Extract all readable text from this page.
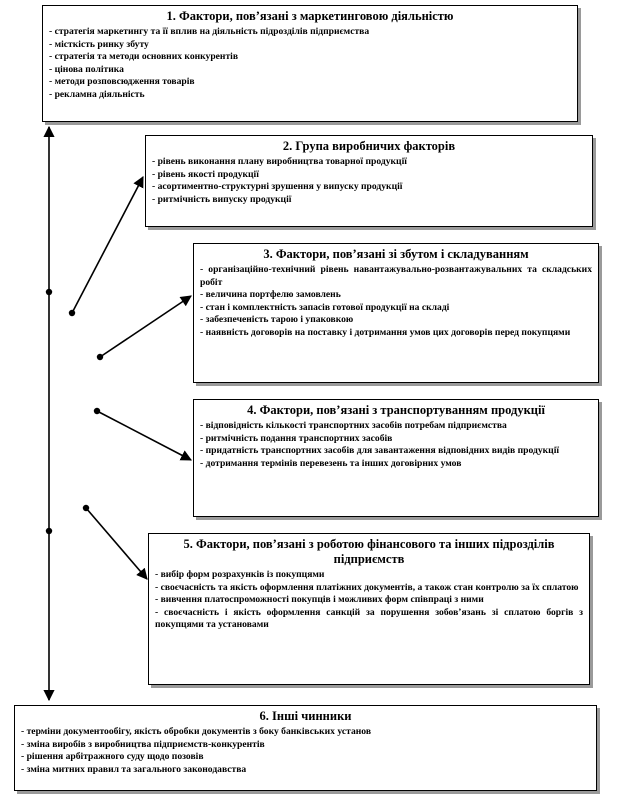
1. Фактори, пов’язані з маркетинговою діяльністю
- стратегія маркетингу та її вплив на діяльність підрозділів підприємства
- місткість ринку збуту
- стратегія та методи основних конкурентів
- цінова політика
- методи розповсюдження товарів
- рекламна діяльність
2. Група виробничих факторів
- рівень виконання плану виробництва товарної продукції
- рівень якості продукції
- асортиментно-структурні зрушення у випуску продукції
- ритмічність випуску продукції
3. Фактори, пов’язані зі збутом і складуванням
- організаційно-технічний рівень навантажувально-розвантажувальних та складських робіт
- величина портфелю замовлень
- стан і комплектність запасів готової продукції на складі
- забезпеченість тарою і упаковкою
- наявність договорів на поставку і дотримання умов цих договорів перед покупцями
4. Фактори, пов’язані з транспортуванням продукції
- відповідність кількості транспортних засобів потребам підприємства
- ритмічність подання транспортних засобів
- придатність транспортних засобів для завантаження відповідних видів продукції
- дотримання термінів перевезень та інших договірних умов
5. Фактори, пов’язані з роботою фінансового та інших підрозділів підприємств
- вибір форм розрахунків із покупцями
- своєчасність та якість оформлення платіжних документів, а також стан контролю за їх сплатою
- вивчення платоспроможності покупців і можливих форм співпраці з ними
- своєчасність і якість оформлення санкцій за порушення зобов’язань зі сплатою боргів з покупцями та установами
6. Інші чинники
- терміни документообігу, якість обробки документів з боку банківських установ
- зміна виробів з виробництва підприємств-конкурентів
- рішення арбітражного суду щодо позовів
- зміна митних правил та загального законодавства
